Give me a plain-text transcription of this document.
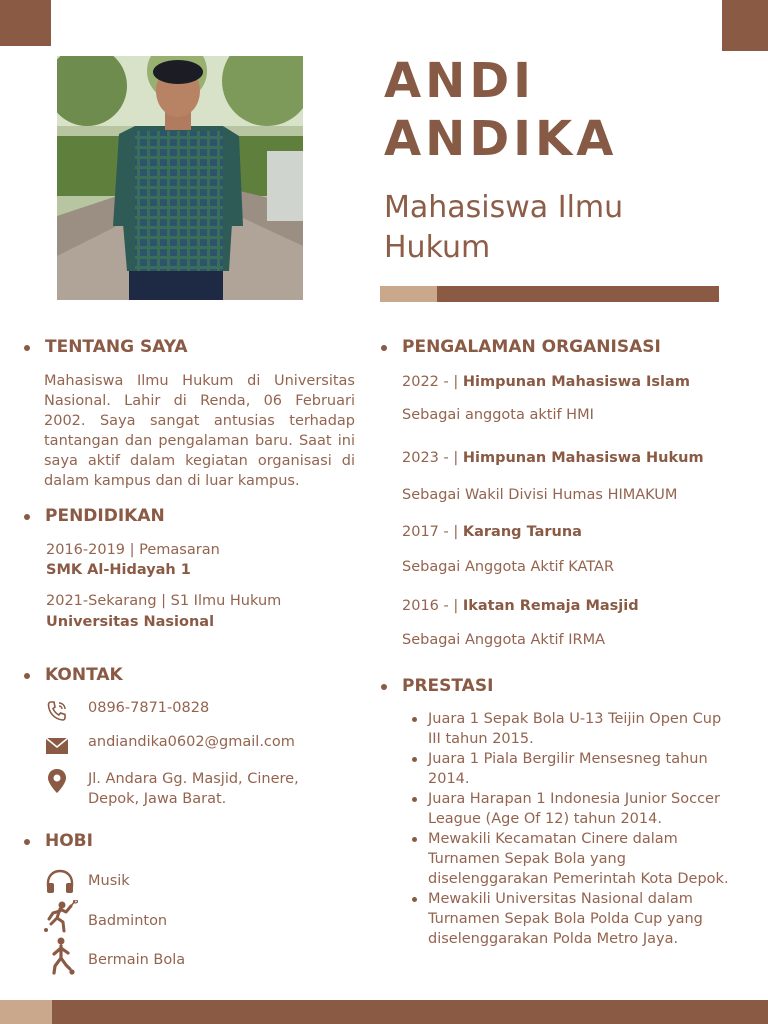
ANDI
ANDIKA
Mahasiswa Ilmu
Hukum
TENTANG SAYA

Mahasiswa Ilmu Hukum di Universitas Nasional. Lahir di Renda, 06 Februari 2002. Saya sangat antusias terhadap tantangan dan pengalaman baru. Saat ini saya aktif dalam kegiatan organisasi di dalam kampus dan di luar kampus.

PENDIDIKAN
2016-2019 | Pemasaran
SMK Al-Hidayah 1
2021-Sekarang | S1 Ilmu Hukum
Universitas Nasional
KONTAK
0896-7871-0828
andiandika0602@gmail.com
Jl. Andara Gg. Masjid, Cinere,
Depok, Jawa Barat.
HOBI
Musik
Badminton
Bermain Bola
PENGALAMAN ORGANISASI
2022 - | Himpunan Mahasiswa Islam
Sebagai anggota aktif HMI
2023 - | Himpunan Mahasiswa Hukum
Sebagai Wakil Divisi Humas HIMAKUM
2017 - | Karang Taruna
Sebagai Anggota Aktif KATAR
2016 - | Ikatan Remaja Masjid
Sebagai Anggota Aktif IRMA
PRESTASI
Juara 1 Sepak Bola U-13 Teijin Open Cup III tahun 2015.
Juara 1 Piala Bergilir Mensesneg tahun 2014.
Juara Harapan 1 Indonesia Junior Soccer League (Age Of 12) tahun 2014.
Mewakili Kecamatan Cinere dalam Turnamen Sepak Bola yang diselenggarakan Pemerintah Kota Depok.
Mewakili Universitas Nasional dalam Turnamen Sepak Bola Polda Cup yang diselenggarakan Polda Metro Jaya.
